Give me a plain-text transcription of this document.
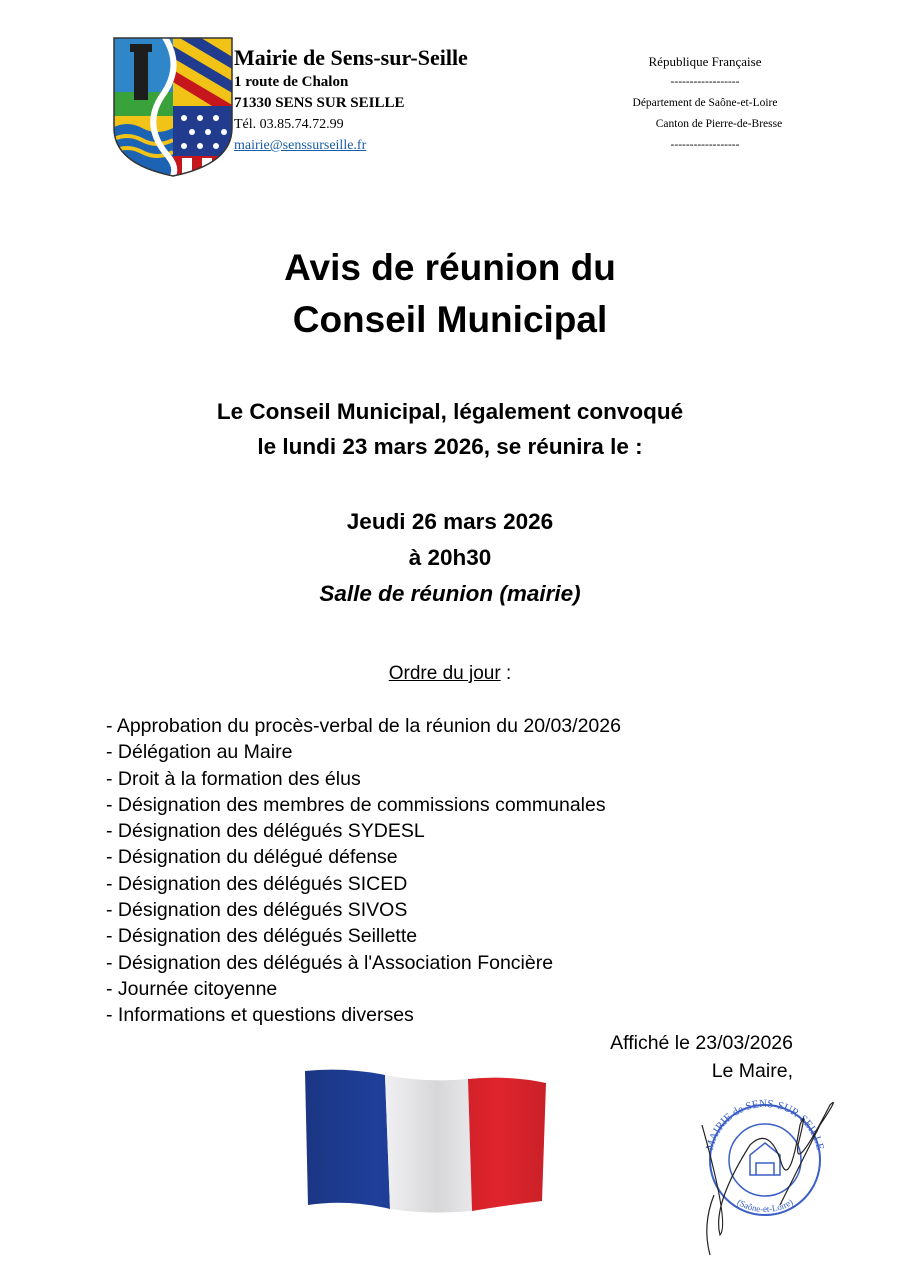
Mairie de Sens-sur-Seille
1 route de Chalon
71330 SENS SUR SEILLE
Tél. 03.85.74.72.99
mairie@senssurseille.fr
République Française
------------------
Département de Saône-et-Loire
Canton de Pierre-de-Bresse
------------------
Avis de réunion du
Conseil Municipal
Le Conseil Municipal, légalement convoqué
le lundi 23 mars 2026, se réunira le :
Jeudi 26 mars 2026
à 20h30
Salle de réunion (mairie)
Ordre du jour :
- Approbation du procès-verbal de la réunion du 20/03/2026
- Délégation au Maire
- Droit à la formation des élus
- Désignation des membres de commissions communales
- Désignation des délégués SYDESL
- Désignation du délégué défense
- Désignation des délégués SICED
- Désignation des délégués SIVOS
- Désignation des délégués Seillette
- Désignation des délégués à l'Association Foncière
- Journée citoyenne
- Informations et questions diverses
Affiché le 23/03/2026
Le Maire,
MAIRIE de SENS-SUR-SEILLE
(Saône-et-Loire)
